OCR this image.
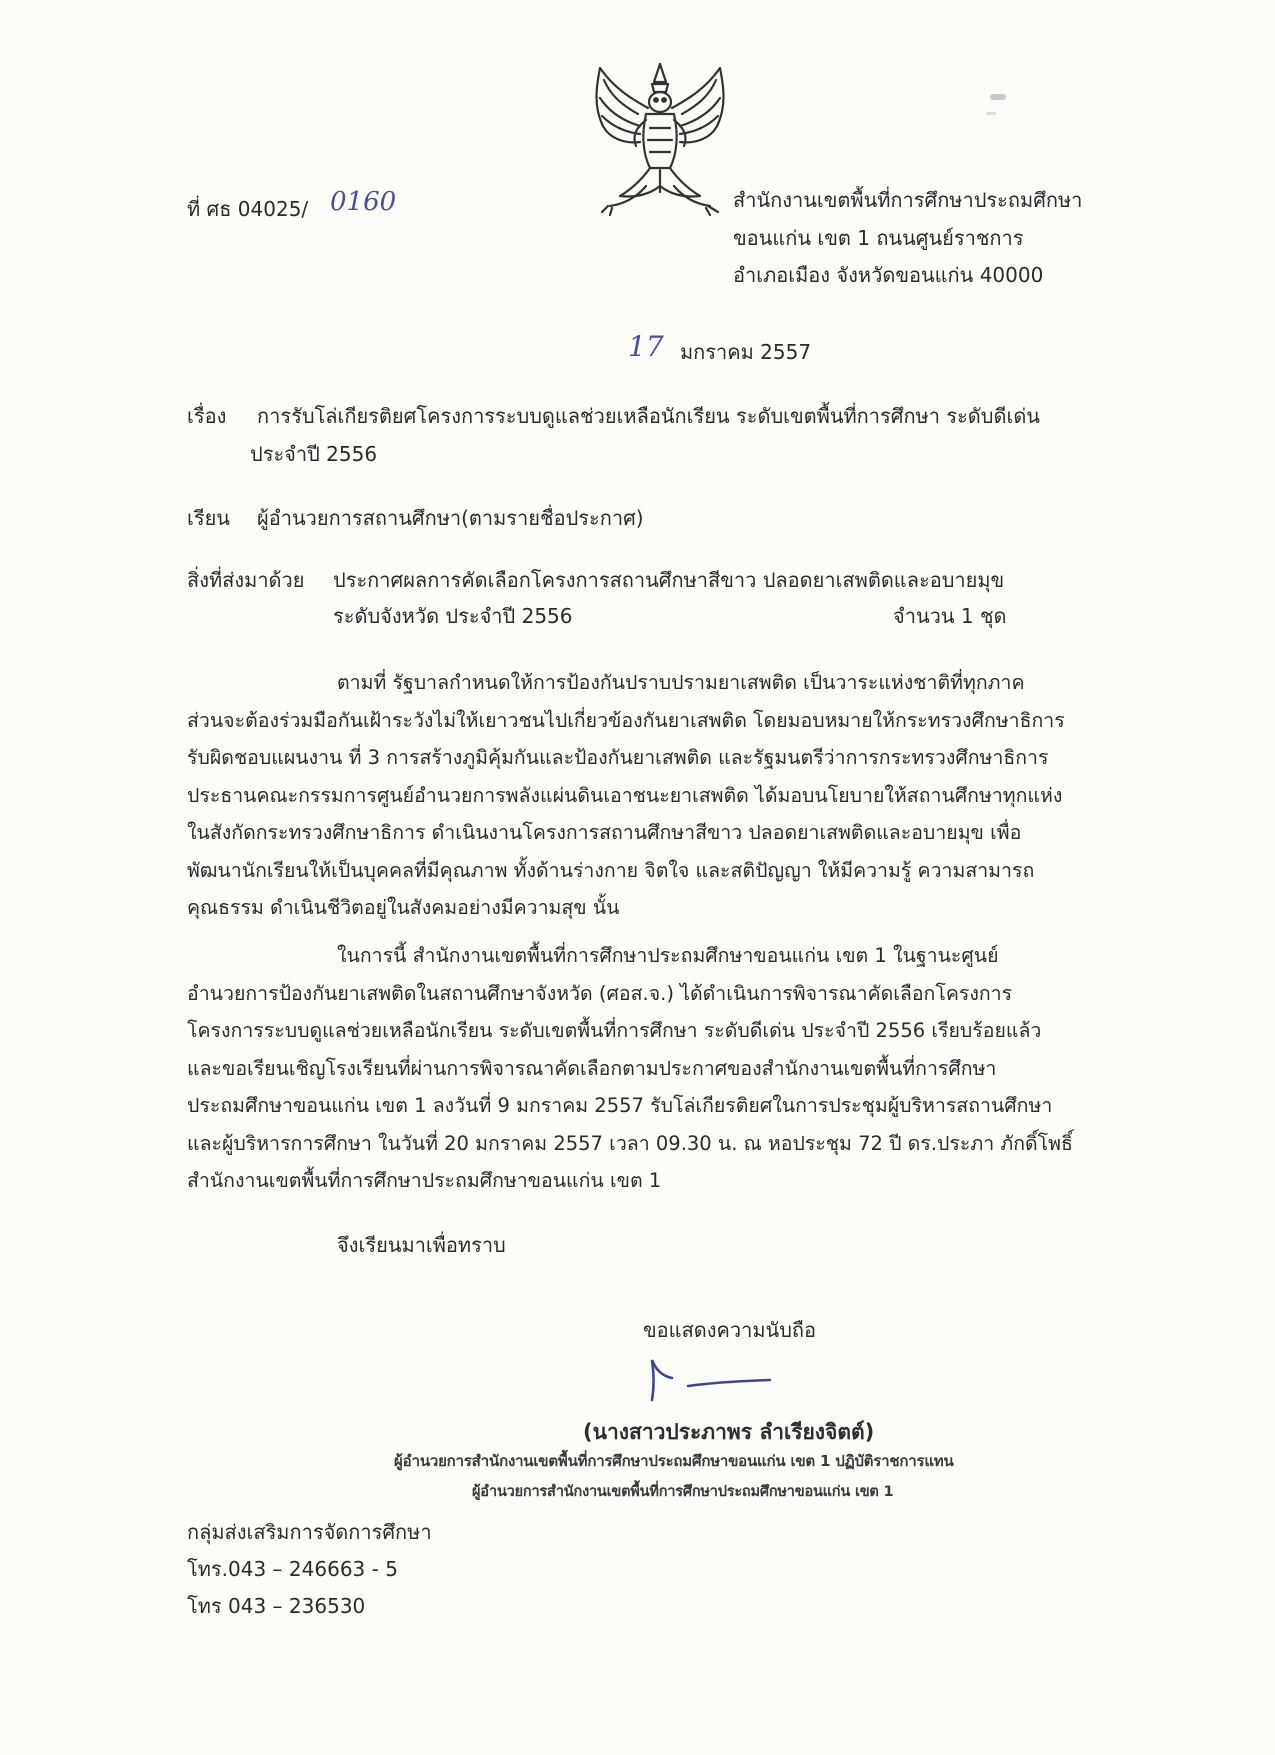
ที่ ศธ 04025/ 0160	สำนักงานเขตพื้นที่การศึกษาประถมศึกษา
ขอนแก่น เขต 1 ถนนศูนย์ราชการ
อำเภอเมือง จังหวัดขอนแก่น 40000
17 มกราคม 2557
เรื่อง การรับโล่เกียรติยศโครงการระบบดูแลช่วยเหลือนักเรียน ระดับเขตพื้นที่การศึกษา ระดับดีเด่น
ประจำปี 2556
เรียน ผู้อำนวยการสถานศึกษา(ตามรายชื่อประกาศ)
สิ่งที่ส่งมาด้วย ประกาศผลการคัดเลือกโครงการสถานศึกษาสีขาว ปลอดยาเสพติดและอบายมุข
ระดับจังหวัด ประจำปี 2556	จำนวน 1 ชุด
ตามที่ รัฐบาลกำหนดให้การป้องกันปราบปรามยาเสพติด เป็นวาระแห่งชาติที่ทุกภาค
ส่วนจะต้องร่วมมือกันเฝ้าระวังไม่ให้เยาวชนไปเกี่ยวข้องกันยาเสพติด โดยมอบหมายให้กระทรวงศึกษาธิการ
รับผิดชอบแผนงาน ที่ 3 การสร้างภูมิคุ้มกันและป้องกันยาเสพติด และรัฐมนตรีว่าการกระทรวงศึกษาธิการ
ประธานคณะกรรมการศูนย์อำนวยการพลังแผ่นดินเอาชนะยาเสพติด ได้มอบนโยบายให้สถานศึกษาทุกแห่ง
ในสังกัดกระทรวงศึกษาธิการ ดำเนินงานโครงการสถานศึกษาสีขาว ปลอดยาเสพติดและอบายมุข เพื่อ
พัฒนานักเรียนให้เป็นบุคคลที่มีคุณภาพ ทั้งด้านร่างกาย จิตใจ และสติปัญญา ให้มีความรู้ ความสามารถ
คุณธรรม ดำเนินชีวิตอยู่ในสังคมอย่างมีความสุข นั้น
ในการนี้ สำนักงานเขตพื้นที่การศึกษาประถมศึกษาขอนแก่น เขต 1 ในฐานะศูนย์
อำนวยการป้องกันยาเสพติดในสถานศึกษาจังหวัด (ศอส.จ.) ได้ดำเนินการพิจารณาคัดเลือกโครงการ
โครงการระบบดูแลช่วยเหลือนักเรียน ระดับเขตพื้นที่การศึกษา ระดับดีเด่น ประจำปี 2556 เรียบร้อยแล้ว
และขอเรียนเชิญโรงเรียนที่ผ่านการพิจารณาคัดเลือกตามประกาศของสำนักงานเขตพื้นที่การศึกษา
ประถมศึกษาขอนแก่น เขต 1 ลงวันที่ 9 มกราคม 2557 รับโล่เกียรติยศในการประชุมผู้บริหารสถานศึกษา
และผู้บริหารการศึกษา ในวันที่ 20 มกราคม 2557 เวลา 09.30 น. ณ หอประชุม 72 ปี ดร.ประภา ภักดิ์โพธิ์
สำนักงานเขตพื้นที่การศึกษาประถมศึกษาขอนแก่น เขต 1
จึงเรียนมาเพื่อทราบ
ขอแสดงความนับถือ
(นางสาวประภาพร ลำเรียงจิตต์)
ผู้อำนวยการสำนักงานเขตพื้นที่การศึกษาประถมศึกษาขอนแก่น เขต 1 ปฏิบัติราชการแทน
ผู้อำนวยการสำนักงานเขตพื้นที่การศึกษาประถมศึกษาขอนแก่น เขต 1
กลุ่มส่งเสริมการจัดการศึกษา
โทร.043 – 246663 - 5
โทร 043 – 236530
